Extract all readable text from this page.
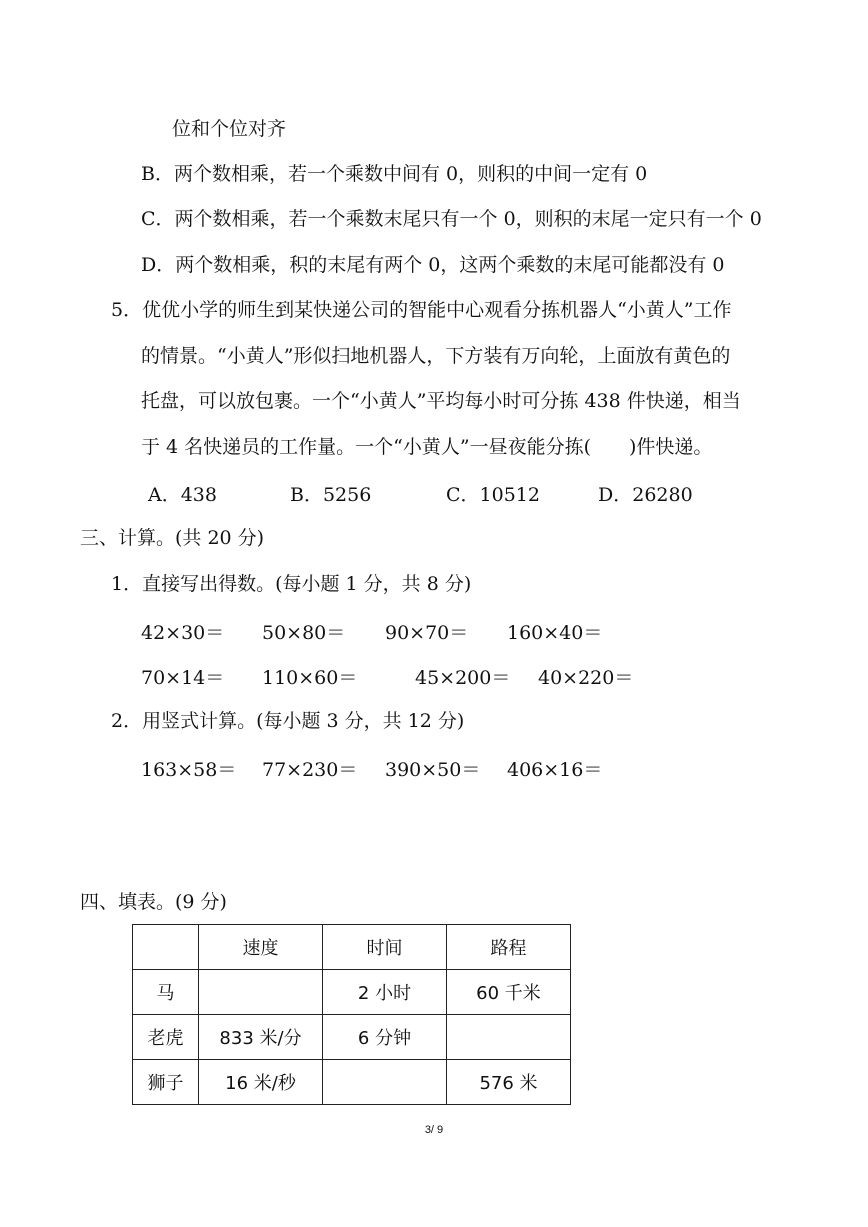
位和个位对齐
B．两个数相乘，若一个乘数中间有 0，则积的中间一定有 0
C．两个数相乘，若一个乘数末尾只有一个 0，则积的末尾一定只有一个 0
D．两个数相乘，积的末尾有两个 0，这两个乘数的末尾可能都没有 0
5．优优小学的师生到某快递公司的智能中心观看分拣机器人“小黄人”工作
的情景。“小黄人”形似扫地机器人，下方装有万向轮，上面放有黄色的
托盘，可以放包裹。一个“小黄人”平均每小时可分拣 438 件快递，相当
于 4 名快递员的工作量。一个“小黄人”一昼夜能分拣(　　)件快递。
A．438	B．5256	C．10512	D．26280
三、计算。(共 20 分)
1．直接写出得数。(每小题 1 分，共 8 分)
42×30＝ 50×80＝ 90×70＝ 160×40＝
70×14＝ 110×60＝	45×200＝ 40×220＝
2．用竖式计算。(每小题 3 分，共 12 分)
163×58＝ 77×230＝ 390×50＝ 406×16＝
四、填表。(9 分)
	速度	时间	路程
马		2 小时	60 千米
老虎	833 米/分	6 分钟	
狮子	16 米/秒		576 米
3/ 9
